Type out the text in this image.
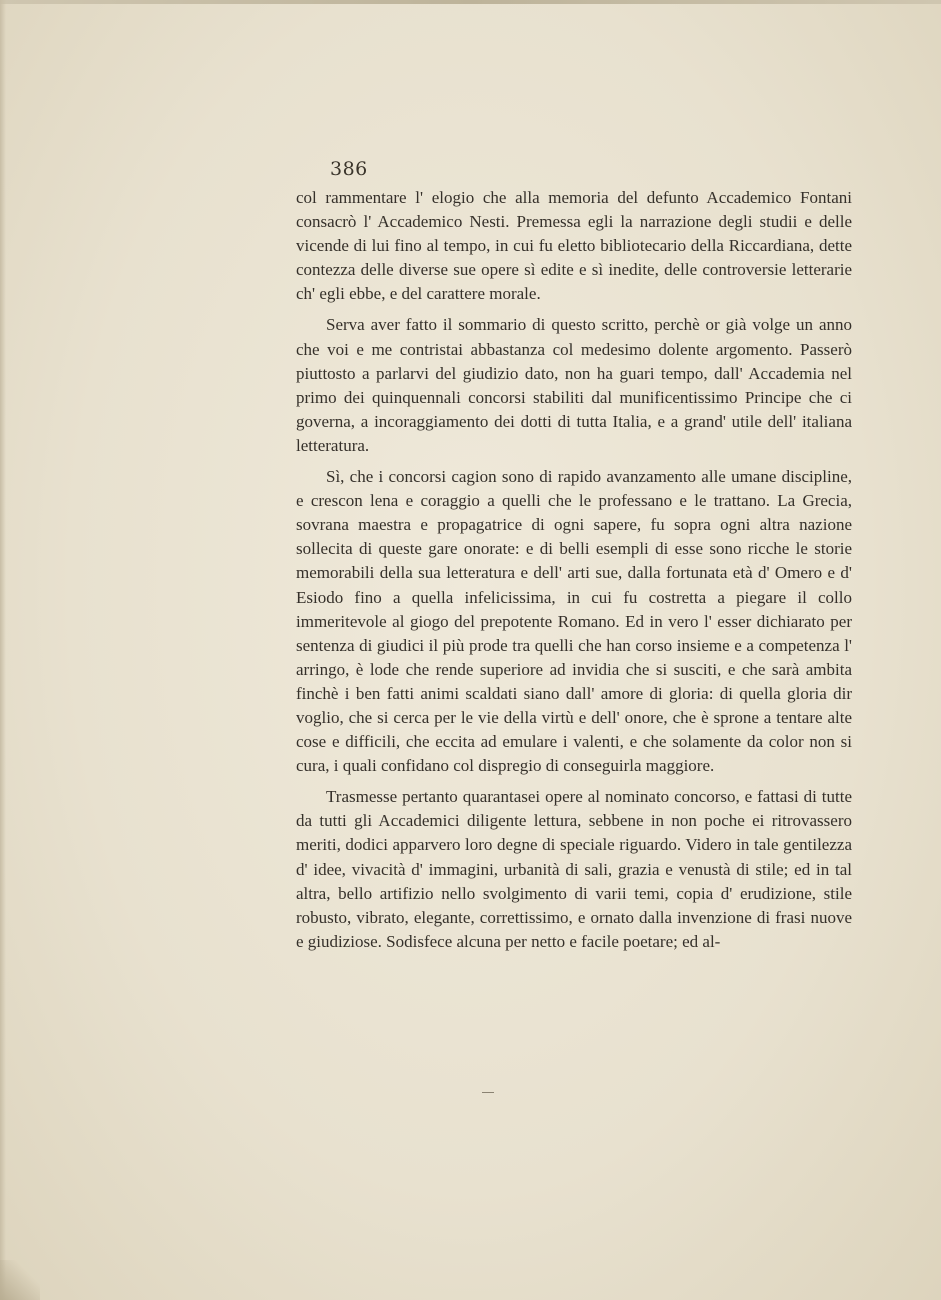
386

col rammentare l' elogio che alla memoria del defunto Accademico Fontani consacrò l' Accademico Nesti. Premessa egli la narrazione degli studii e delle vicende di lui fino al tempo, in cui fu eletto bibliotecario della Riccardiana, dette contezza delle diverse sue opere sì edite e sì inedite, delle controversie letterarie ch' egli ebbe, e del carattere morale.

Serva aver fatto il sommario di questo scritto, perchè or già volge un anno che voi e me contristai abbastanza col medesimo dolente argomento. Passerò piuttosto a parlarvi del giudizio dato, non ha guari tempo, dall' Accademia nel primo dei quinquennali concorsi stabiliti dal munificentissimo Principe che ci governa, a incoraggiamento dei dotti di tutta Italia, e a grand' utile dell' italiana letteratura.

Sì, che i concorsi cagion sono di rapido avanzamento alle umane discipline, e crescon lena e coraggio a quelli che le professano e le trattano. La Grecia, sovrana maestra e propagatrice di ogni sapere, fu sopra ogni altra nazione sollecita di queste gare onorate: e di belli esempli di esse sono ricche le storie memorabili della sua letteratura e dell' arti sue, dalla fortunata età d' Omero e d' Esiodo fino a quella infelicissima, in cui fu costretta a piegare il collo immeritevole al giogo del prepotente Romano. Ed in vero l' esser dichiarato per sentenza di giudici il più prode tra quelli che han corso insieme e a competenza l' arringo, è lode che rende superiore ad invidia che si susciti, e che sarà ambita finchè i ben fatti animi scaldati siano dall' amore di gloria: di quella gloria dir voglio, che si cerca per le vie della virtù e dell' onore, che è sprone a tentare alte cose e difficili, che eccita ad emulare i valenti, e che solamente da color non si cura, i quali confidano col dispregio di conseguirla maggiore.

Trasmesse pertanto quarantasei opere al nominato concorso, e fattasi di tutte da tutti gli Accademici diligente lettura, sebbene in non poche ei ritrovassero meriti, dodici apparvero loro degne di speciale riguardo. Videro in tale gentilezza d' idee, vivacità d' immagini, urbanità di sali, grazia e venustà di stile; ed in tal altra, bello artifizio nello svolgimento di varii temi, copia d' erudizione, stile robusto, vibrato, elegante, correttissimo, e ornato dalla invenzione di frasi nuove e giudiziose. Sodisfece alcuna per netto e facile poetare; ed al-
